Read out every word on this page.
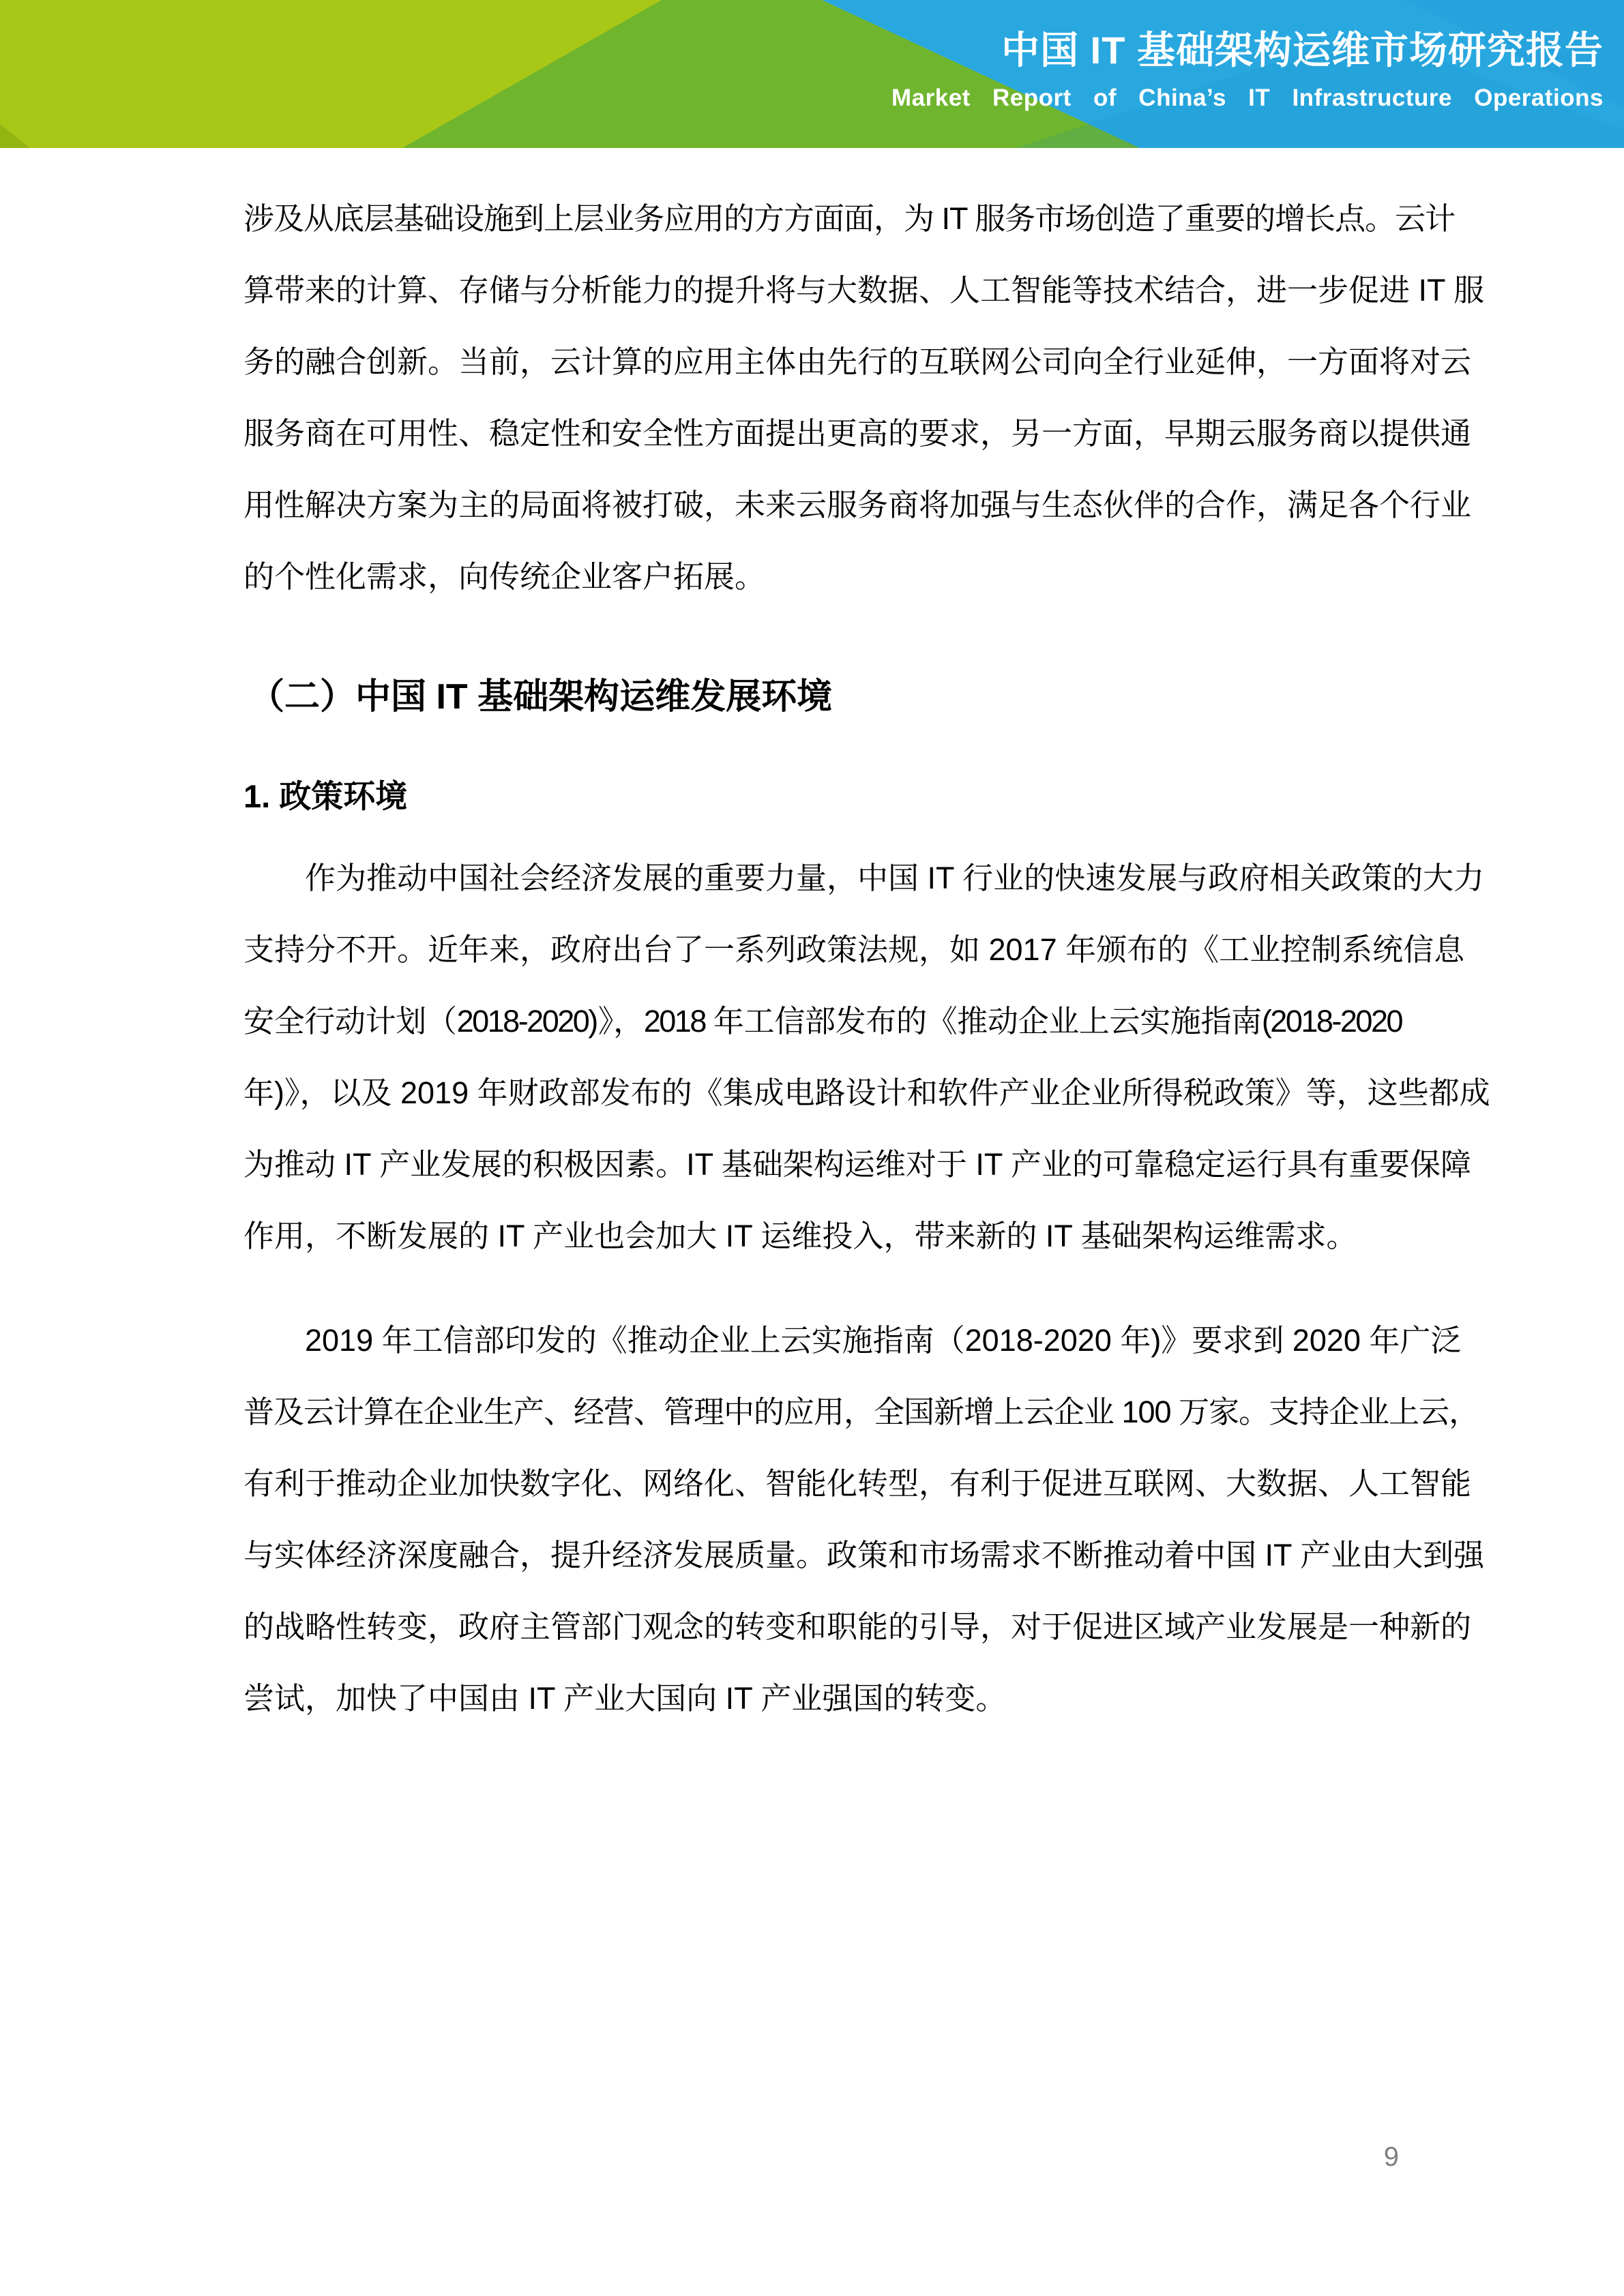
中国 IT 基础架构运维市场研究报告
Market Report of China’s IT Infrastructure Operations
涉及从底层基础设施到上层业务应用的方方面面，为 IT 服务市场创造了重要的增长点。云计
算带来的计算、存储与分析能力的提升将与大数据、人工智能等技术结合，进一步促进 IT 服
务的融合创新。当前，云计算的应用主体由先行的互联网公司向全行业延伸，一方面将对云
服务商在可用性、稳定性和安全性方面提出更高的要求，另一方面，早期云服务商以提供通
用性解决方案为主的局面将被打破，未来云服务商将加强与生态伙伴的合作，满足各个行业
的个性化需求，向传统企业客户拓展。
（二）中国 IT 基础架构运维发展环境
1. 政策环境
作为推动中国社会经济发展的重要力量，中国 IT 行业的快速发展与政府相关政策的大力
支持分不开。近年来，政府出台了一系列政策法规，如 2017 年颁布的《工业控制系统信息
安全行动计划（2018-2020)》，2018 年工信部发布的《推动企业上云实施指南(2018-2020
年)》，以及 2019 年财政部发布的《集成电路设计和软件产业企业所得税政策》等，这些都成
为推动 IT 产业发展的积极因素。IT 基础架构运维对于 IT 产业的可靠稳定运行具有重要保障
作用，不断发展的 IT 产业也会加大 IT 运维投入，带来新的 IT 基础架构运维需求。
2019 年工信部印发的《推动企业上云实施指南（2018-2020 年)》要求到 2020 年广泛
普及云计算在企业生产、经营、管理中的应用，全国新增上云企业 100 万家。支持企业上云，
有利于推动企业加快数字化、网络化、智能化转型，有利于促进互联网、大数据、人工智能
与实体经济深度融合，提升经济发展质量。政策和市场需求不断推动着中国 IT 产业由大到强
的战略性转变，政府主管部门观念的转变和职能的引导，对于促进区域产业发展是一种新的
尝试，加快了中国由 IT 产业大国向 IT 产业强国的转变。
9
